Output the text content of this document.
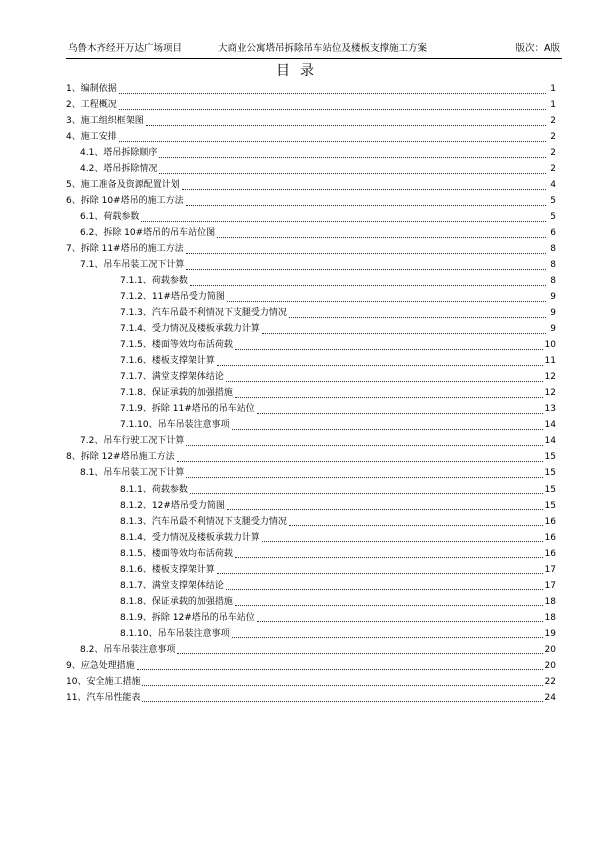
乌鲁木齐经开万达广场项目	大商业公寓塔吊拆除吊车站位及楼板支撑施工方案	版次：A版
目录
1、编制依据	1
2、工程概况	1
3、施工组织框架图	2
4、施工安排	2
4.1、塔吊拆除顺序	2
4.2、塔吊拆除情况	2
5、施工准备及资源配置计划	4
6、拆除 10#塔吊的施工方法	5
6.1、荷载参数	5
6.2、拆除 10#塔吊的吊车站位图	6
7、拆除 11#塔吊的施工方法	8
7.1、吊车吊装工况下计算	8
7.1.1、荷载参数	8
7.1.2、11#塔吊受力简图	9
7.1.3、汽车吊最不利情况下支腿受力情况	9
7.1.4、受力情况及楼板承载力计算	9
7.1.5、楼面等效均布活荷载	10
7.1.6、楼板支撑架计算	11
7.1.7、满堂支撑架体结论	12
7.1.8、保证承载的加强措施	12
7.1.9、拆除 11#塔吊的吊车站位	13
7.1.10、吊车吊装注意事项	14
7.2、吊车行驶工况下计算	14
8、拆除 12#塔吊施工方法	15
8.1、吊车吊装工况下计算	15
8.1.1、荷载参数	15
8.1.2、12#塔吊受力简图	15
8.1.3、汽车吊最不利情况下支腿受力情况	16
8.1.4、受力情况及楼板承载力计算	16
8.1.5、楼面等效均布活荷载	16
8.1.6、楼板支撑架计算	17
8.1.7、满堂支撑架体结论	17
8.1.8、保证承载的加强措施	18
8.1.9、拆除 12#塔吊的吊车站位	18
8.1.10、吊车吊装注意事项	19
8.2、吊车吊装注意事项	20
9、应急处理措施	20
10、安全施工措施	22
11、汽车吊性能表	24
